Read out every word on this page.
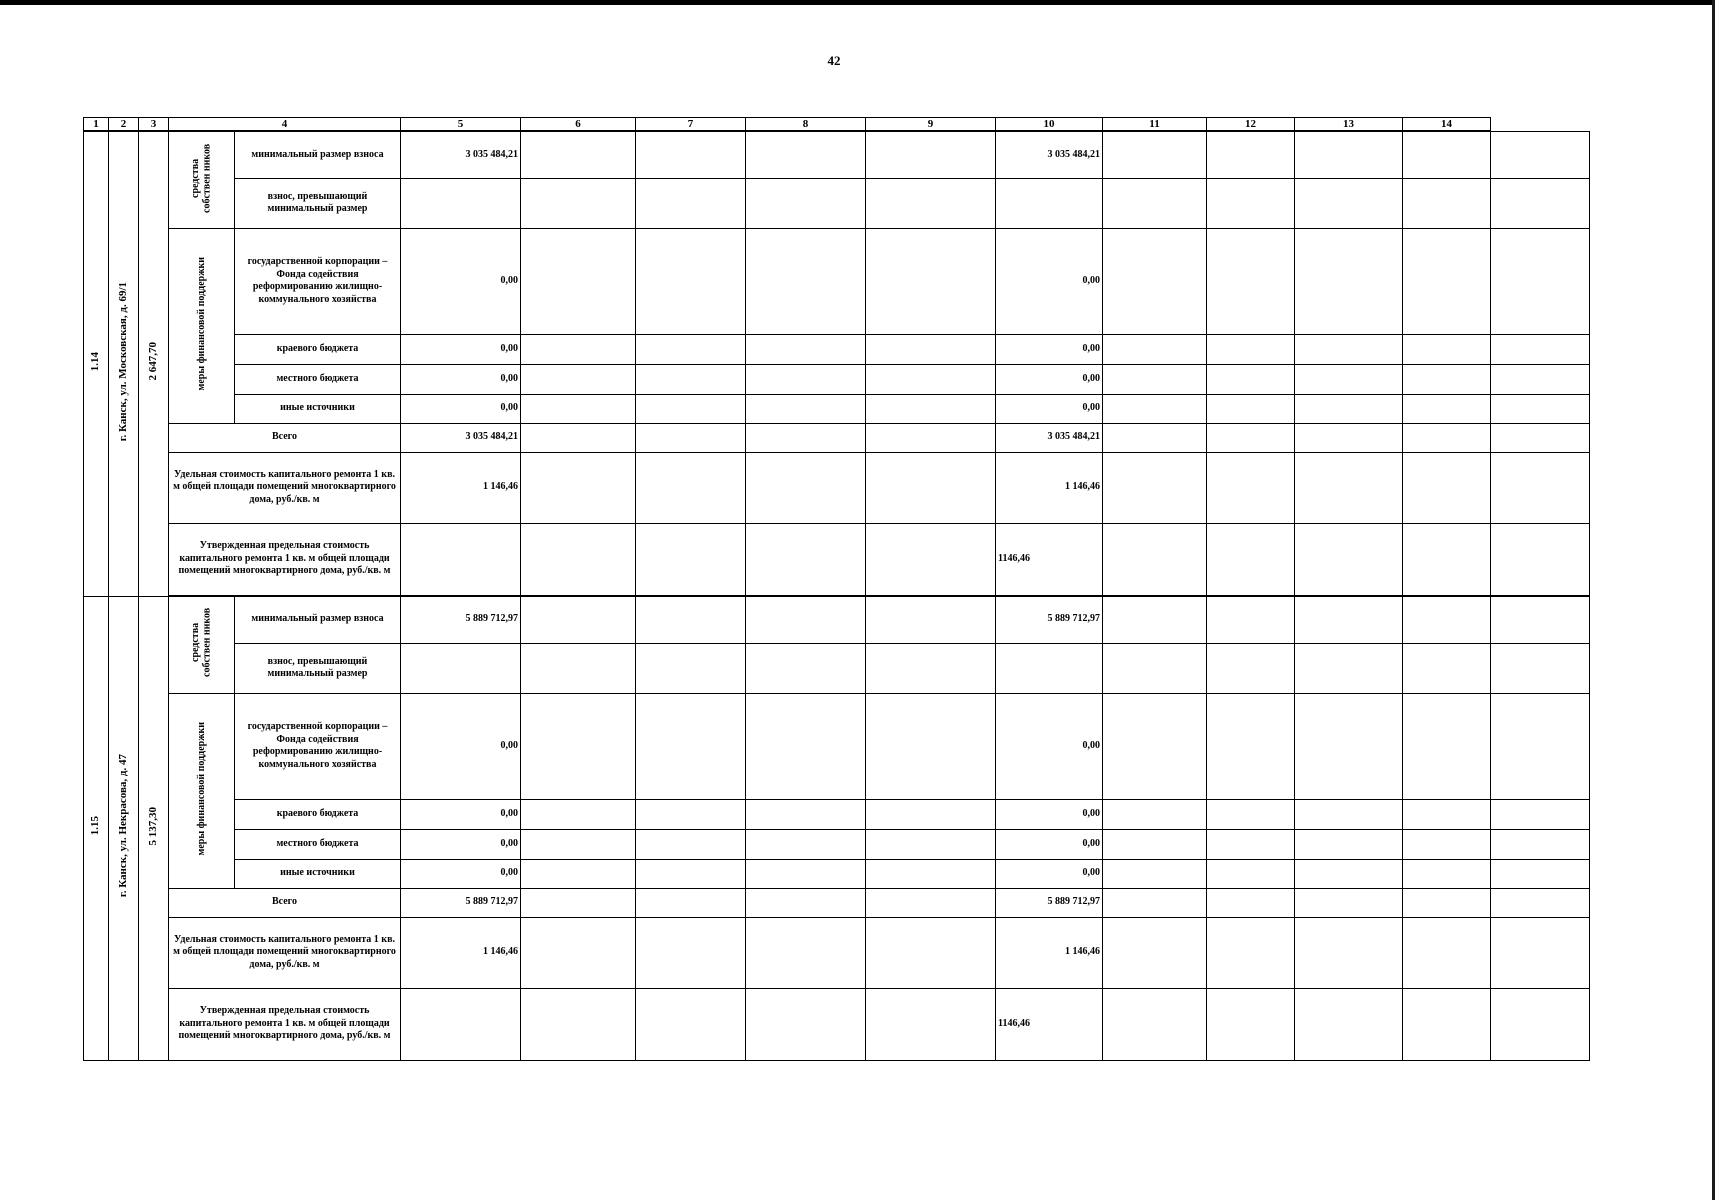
42
1	2	3	4		5	6	7	8	9	10	11	12	13	14	
1.14	г. Канск, ул. Московская, д. 69/1	2 647,70	средства собствен ников	минимальный размер взноса	3 035 484,21					3 035 484,21					
				взнос, превышающий минимальный размер											
			меры финансовой поддержки	государственной корпорации – Фонда содействия реформированию жилищно-коммунального хозяйства	0,00					0,00					
				краевого бюджета	0,00					0,00					
				местного бюджета	0,00					0,00					
				иные источники	0,00					0,00					
			Всего		3 035 484,21					3 035 484,21					
			Удельная стоимость капитального ремонта 1 кв. м общей площади помещений многоквартирного дома, руб./кв. м		1 146,46					1 146,46					
			Утвержденная предельная стоимость капитального ремонта 1 кв. м общей площади помещений многоквартирного дома, руб./кв. м							1146,46					

1.15	г. Канск, ул. Некрасова, д. 47	5 137,30	средства собствен ников	минимальный размер взноса	5 889 712,97					5 889 712,97					
				взнос, превышающий минимальный размер											
			меры финансовой поддержки	государственной корпорации – Фонда содействия реформированию жилищно-коммунального хозяйства	0,00					0,00					
				краевого бюджета	0,00					0,00					
				местного бюджета	0,00					0,00					
				иные источники	0,00					0,00					
			Всего		5 889 712,97					5 889 712,97					
			Удельная стоимость капитального ремонта 1 кв. м общей площади помещений многоквартирного дома, руб./кв. м		1 146,46					1 146,46					
			Утвержденная предельная стоимость капитального ремонта 1 кв. м общей площади помещений многоквартирного дома, руб./кв. м							1146,46					
